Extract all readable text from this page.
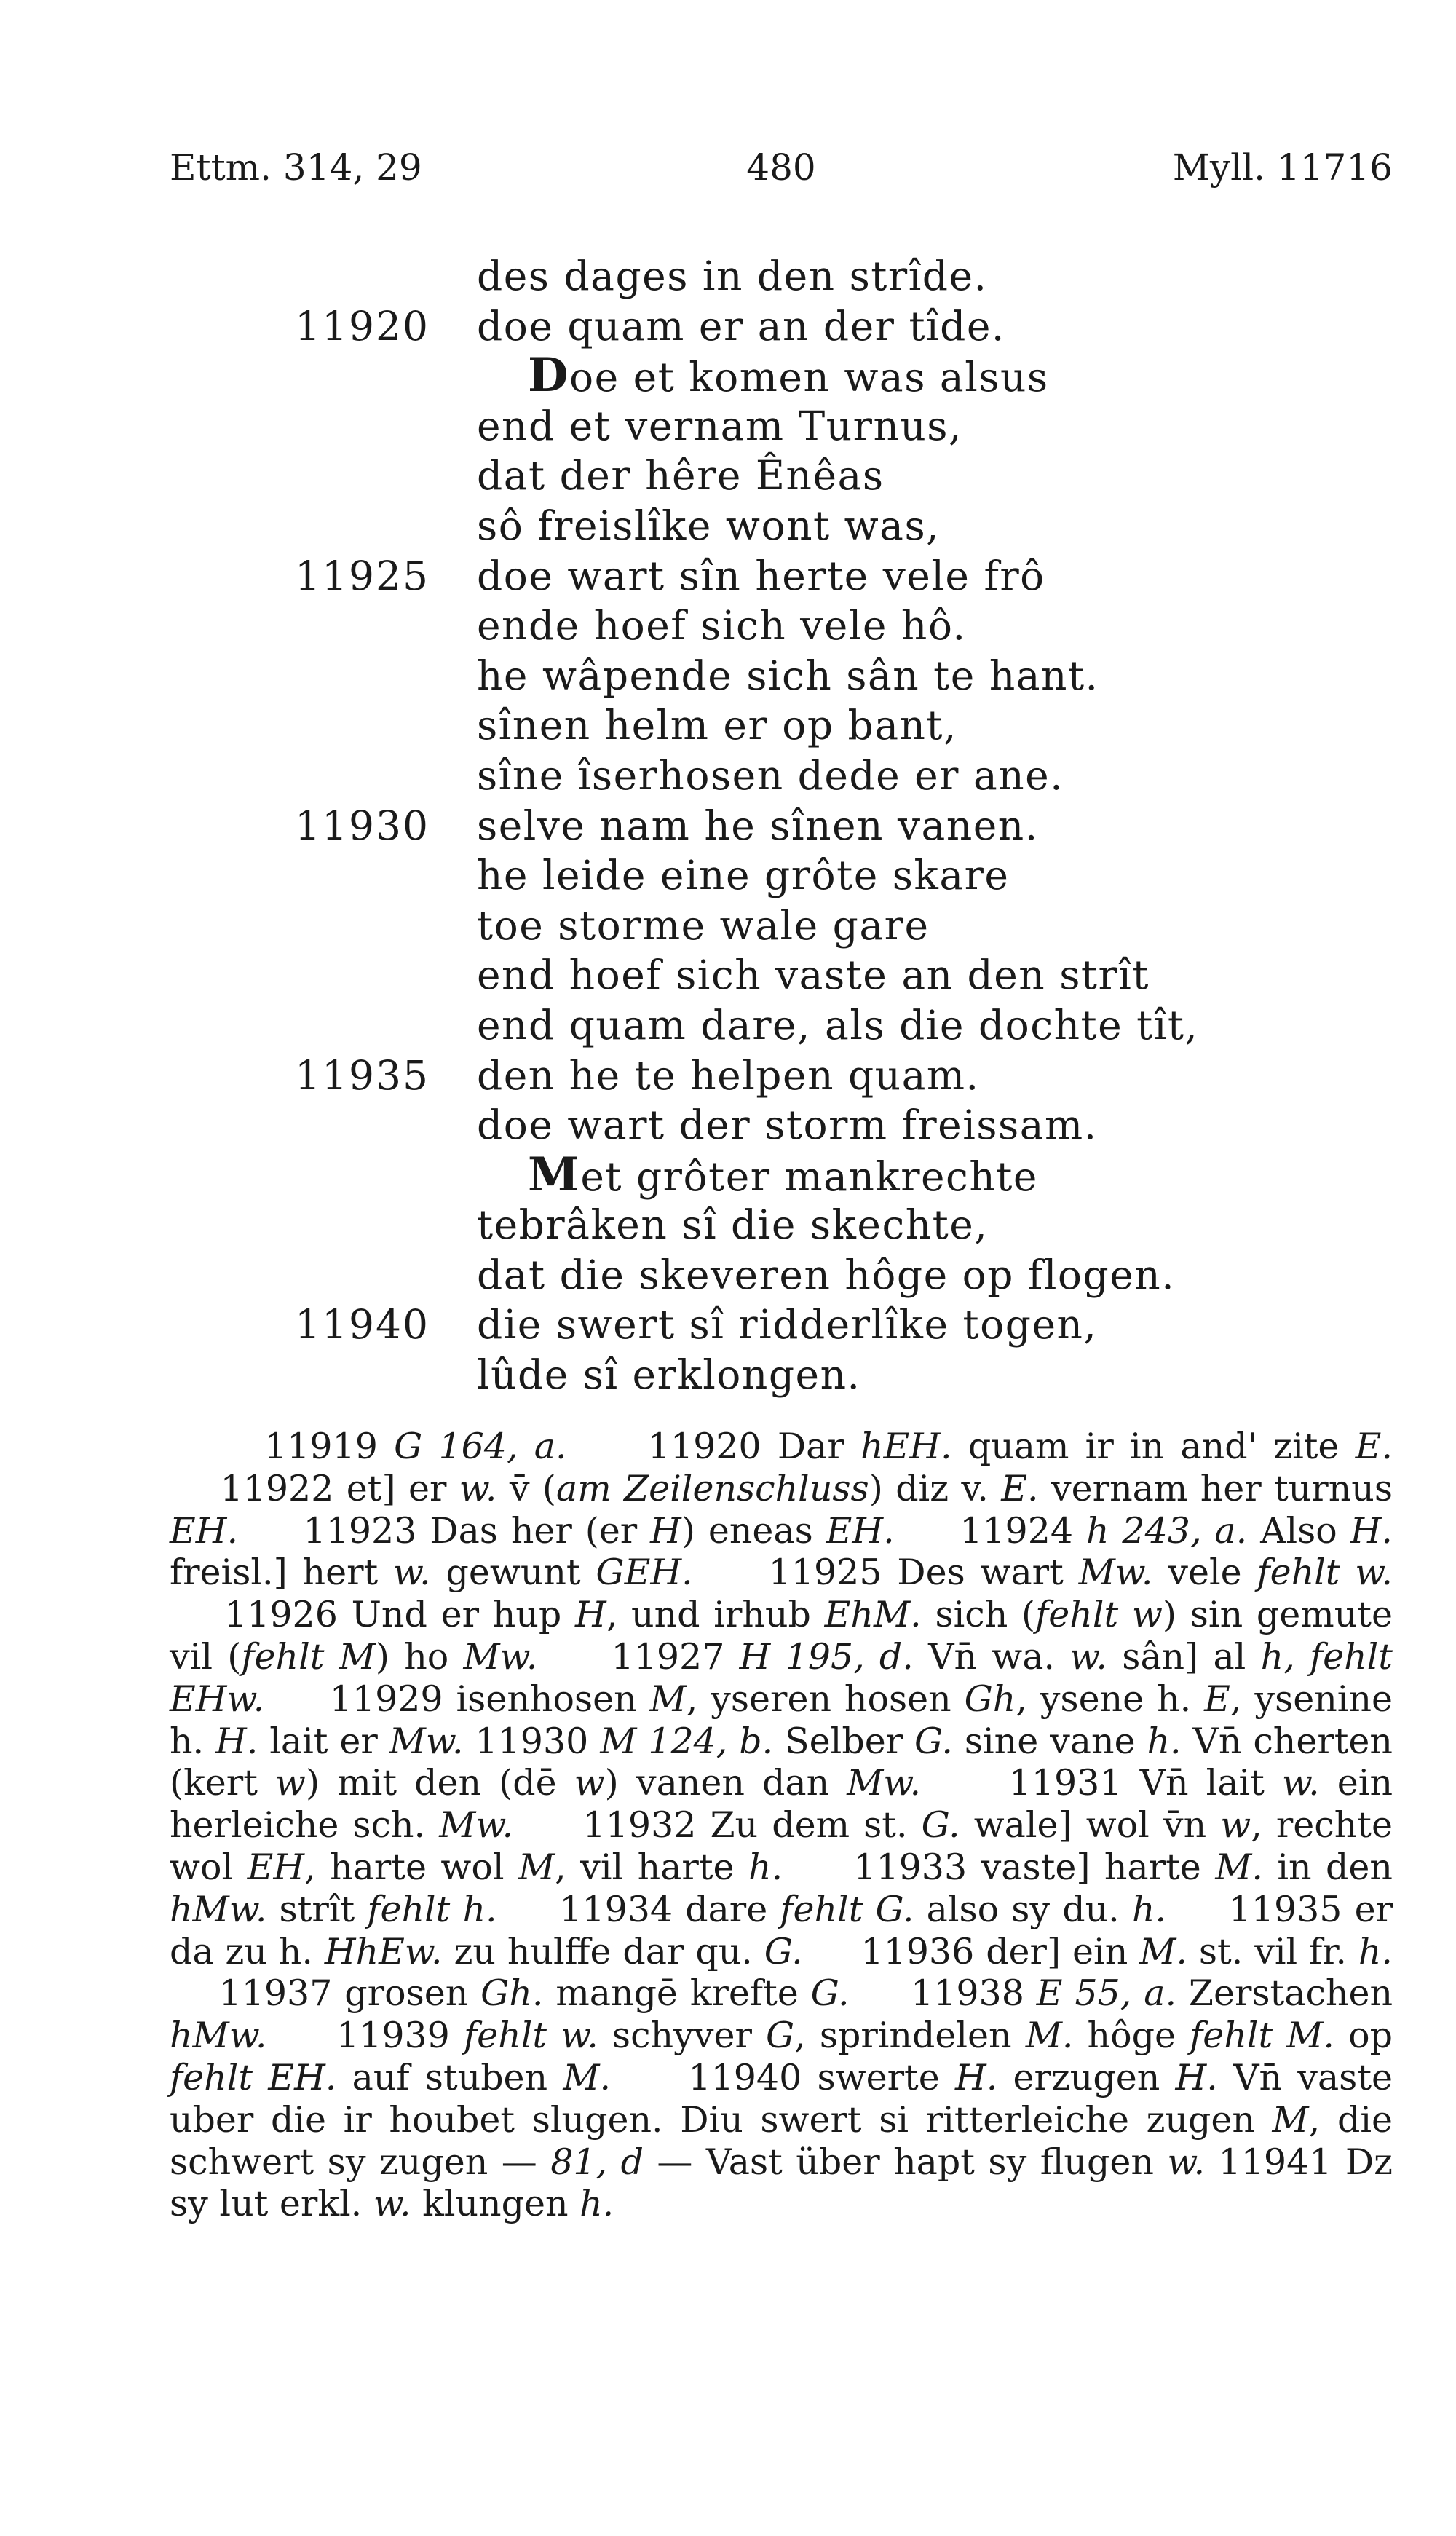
Ettm. 314, 29	480	Myll. 11716
des dages in den strîde.
11920 doe quam er an der tîde.
Doe et komen was alsus
end et vernam Turnus,
dat der hêre Ênêas
sô freislîke wont was,
11925 doe wart sîn herte vele frô
ende hoef sich vele hô.
he wâpende sich sân te hant.
sînen helm er op bant,
sîne îserhosen dede er ane.
11930 selve nam he sînen vanen.
he leide eine grôte skare
toe storme wale gare
end hoef sich vaste an den strît
end quam dare, als die dochte tît,
11935 den he te helpen quam.
doe wart der storm freissam.
Met grôter mankrechte
tebrâken sî die skechte,
dat die skeveren hôge op flogen.
11940 die swert sî ridderlîke togen,
lûde sî erklongen.

11919 G 164, a. 11920 Dar hEH. quam ir in and' zite E.     11922 et] er w. v̄ (am Zeilenschluss) diz v. E. vernam her turnus EH. 11923 Das her (er H) eneas EH. 11924 h 243, a. Also H. freisl.] hert w. gewunt GEH. 11925 Des wart Mw. vele fehlt w.     11926 Und er hup H, und irhub EhM. sich (fehlt w) sin gemute vil (fehlt M) ho Mw. 11927 H 195, d. Vn̄ wa. w. sân] al h, fehlt EHw. 11929 isenhosen M, yseren hosen Gh, ysene h. E, ysenine h. H. lait er Mw. 11930 M 124, b. Selber G. sine vane h. Vn̄ cherten (kert w) mit den (dē w) vanen dan Mw. 11931 Vn̄ lait w. ein herleiche sch. Mw. 11932 Zu dem st. G. wale] wol v̄n w, rechte wol EH, harte wol M, vil harte h. 11933 vaste] harte M. in den hMw. strît fehlt h. 11934 dare fehlt G. also sy du. h. 11935 er da zu h. HhEw. zu hulffe dar qu. G. 11936 der] ein M. st. vil fr. h.     11937 grosen Gh. mangē krefte G. 11938 E 55, a. Zerstachen hMw. 11939 fehlt w. schyver G, sprindelen M. hôge fehlt M. op fehlt EH. auf stuben M. 11940 swerte H. erzugen H. Vn̄ vaste uber die ir houbet slugen. Diu swert si ritterleiche zugen M, die schwert sy zugen — 81, d — Vast über hapt sy flugen w. 11941 Dz sy lut erkl. w. klungen h.
